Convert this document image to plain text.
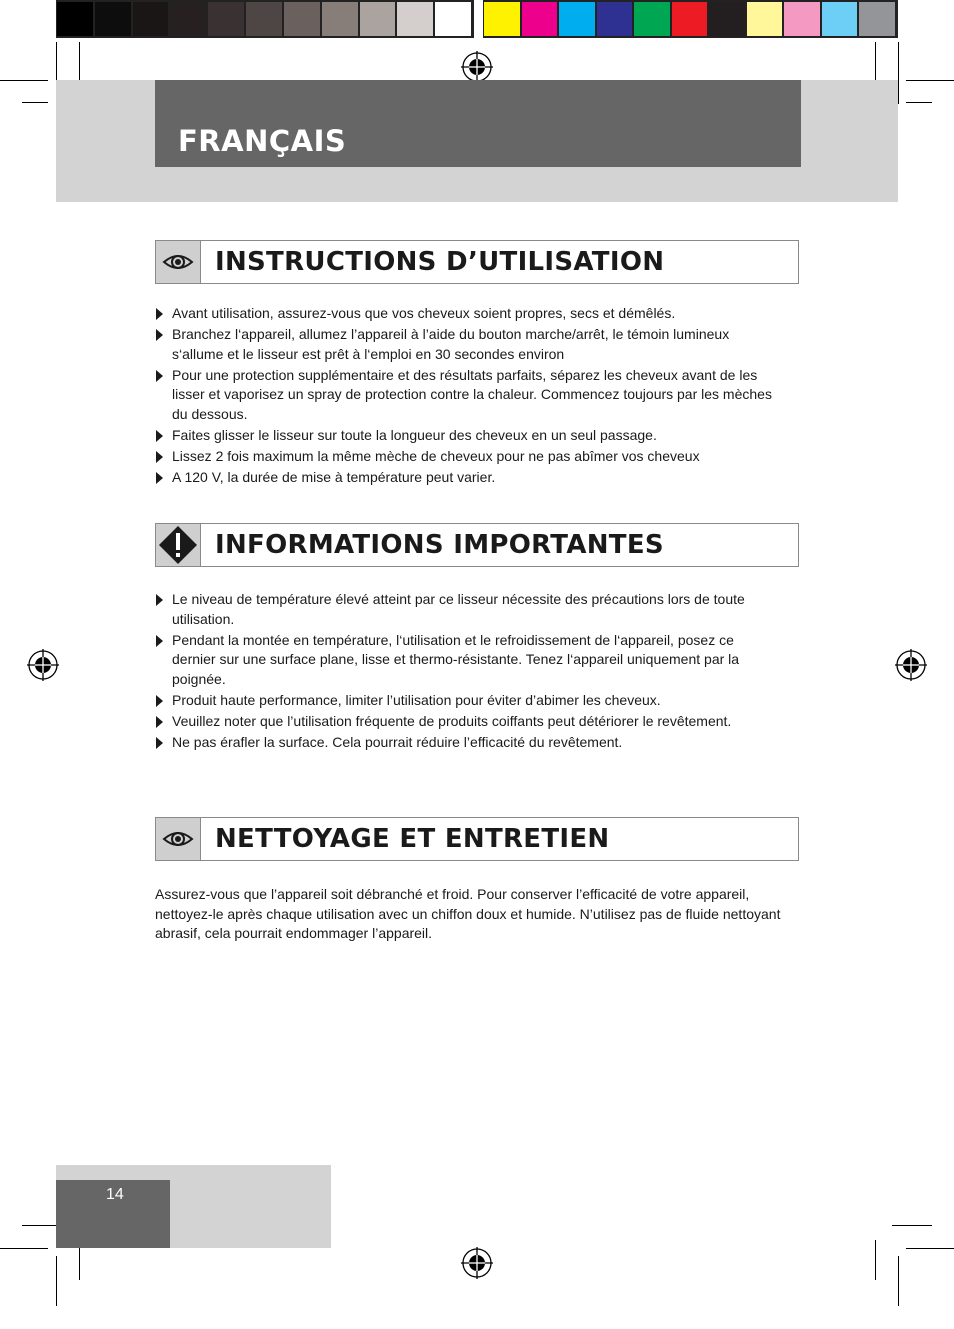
FRANÇAIS
INSTRUCTIONS D’UTILISATION
Avant utilisation, assurez-vous que vos cheveux soient propres, secs et démêlés.
Branchez l‘appareil, allumez l’appareil à l’aide du bouton marche/arrêt, le témoin lumineux s‘allume et le lisseur est prêt à l‘emploi en 30 secondes environ
Pour une protection supplémentaire et des résultats parfaits, séparez les cheveux avant de les lisser et vaporisez un spray de protection contre la chaleur. Commencez toujours par les mèches du dessous.
Faites glisser le lisseur sur toute la longueur des cheveux en un seul passage.
Lissez 2 fois maximum la même mèche de cheveux pour ne pas abîmer vos cheveux
A 120 V, la durée de mise à température peut varier.
INFORMATIONS IMPORTANTES
Le niveau de température élevé atteint par ce lisseur nécessite des précautions lors de toute utilisation.
Pendant la montée en température, l‘utilisation et le refroidissement de l‘appareil, posez ce dernier sur une surface plane, lisse et thermo-résistante. Tenez l‘appareil uniquement par la poignée.
Produit haute performance, limiter l’utilisation pour éviter d’abimer les cheveux.
Veuillez noter que l’utilisation fréquente de produits coiffants peut détériorer le revêtement.
Ne pas érafler la surface. Cela pourrait réduire l’efficacité du revêtement.
NETTOYAGE ET ENTRETIEN

Assurez-vous que l’appareil soit débranché et froid. Pour conserver l’efficacité de votre appareil, nettoyez-le après chaque utilisation avec un chiffon doux et humide. N’utilisez pas de fluide nettoyant abrasif, cela pourrait endommager l’appareil.

14
